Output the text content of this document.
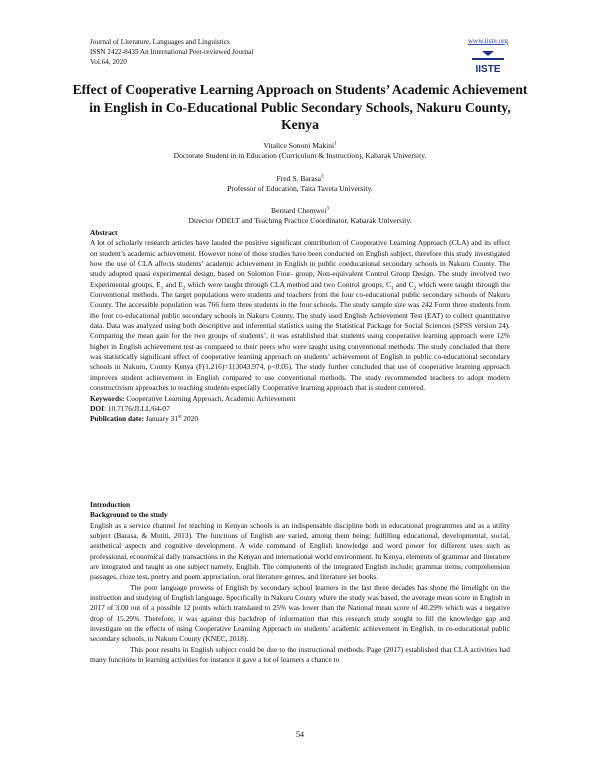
Journal of Literature, Languages and Linguistics
ISSN 2422-8435 An International Peer-reviewed Journal
Vol.64, 2020
www.iiste.org
IISTE
Effect of Cooperative Learning Approach on Students’ Academic Achievement in English in Co-Educational Public Secondary Schools, Nakuru County, Kenya
Vitalice Sononi Makini$^1$
Doctorate Student in in Education (Curriculum & Instruction), Kabarak University.
Fred S. Barasa$^2$
Professor of Education, Taita Taveta University.
Bernard Chemwei$^3$
Director ODELT and Teaching Practice Coordinator, Kabarak University.

Abstract

A lot of scholarly research articles have lauded the positive significant contribution of Cooperative Learning Approach (CLA) and its effect on student’s academic achievement. However none of those studies have been conducted on English subject, therefore this study investigated how the use of CLA affects students’ academic achievement in English in public coeducational secondary schools in Nakuru County. The study adopted quasi experimental design, based on Solomon Four- group, Non-equivalent Control Group Design. The study involved two Experimental groups, $E_1$ and $E_2$ which were taught through CLA method and two Control groups, $C_1$ and $C_2$ which were taught through the Conventional methods. The target populations were students and teachers from the four co-educational public secondary schools of Nakuru County. The accessible population was 766 form three students in the four schools. The study sample size was 242 Form three students from the four co-educational public secondary schools in Nakuru County. The study used English Achievement Test (EAT) to collect quantitative data. Data was analyzed using both descriptive and inferential statistics using the Statistical Package for Social Sciences (SPSS version 24). Comparing the mean gain for the two groups of students’, it was established that students using cooperative learning approach were 12% higher in English achievement test as compared to their peers who were taught using conventional methods. The study concluded that there was statistically significant effect of cooperative learning approach on students’ achievement of English in public co-educational secondary schools in Nakuru, County Kenya (F(1,216)=113043.974, p<0.05). The study further concluded that use of cooperative learning approach improves student achievement in English compared to use conventional methods. The study recommended teachers to adopt modern constructivism approaches to teaching students especially Cooperative learning approach that is student centered.

Keywords: Cooperative Learning Approach, Academic Achievement

DOI: 10.7176/JLLL/64-07

Publication date: January 31st 2020

Introduction

Background to the study

English as a service channel for teaching in Kenyan schools is an indispensable discipline both in educational programmes and as a utility subject (Barasa, & Mutiti, 2013). The functions of English are varied, among them being; fulfilling educational, developmental, social, aesthetical aspects and cognitive development. A wide command of English knowledge and word power for different uses such as professional, economical daily transactions in the Kenyan and international world environment. In Kenya, elements of grammar and literature are integrated and taught as one subject namely, English. The components of the integrated English include; grammar items, comprehension passages, cloze test, poetry and poem appreciation, oral literature genres, and literature set books.

The poor language prowess of English by secondary school learners in the last three decades has shone the limelight on the instruction and studying of English language. Specifically in Nakuru County where the study was based, the average mean score in English in 2017 of 3.00 out of a possible 12 points which translated to 25% was lower than the National mean score of 40.29% which was a negative drop of 15.29%. Therefore, it was against this backdrop of information that this research study sought to fill the knowledge gap and investigate on the effects of using Cooperative Learning Approach on students’ academic achievement in English, in co-educational public secondary schools, in Nakuru County (KNEC, 2018).

This poor results in English subject could be due to the instructional methods. Page (2017) established that CLA activities had many functions in learning activities for instance it gave a lot of learners a chance to

54
